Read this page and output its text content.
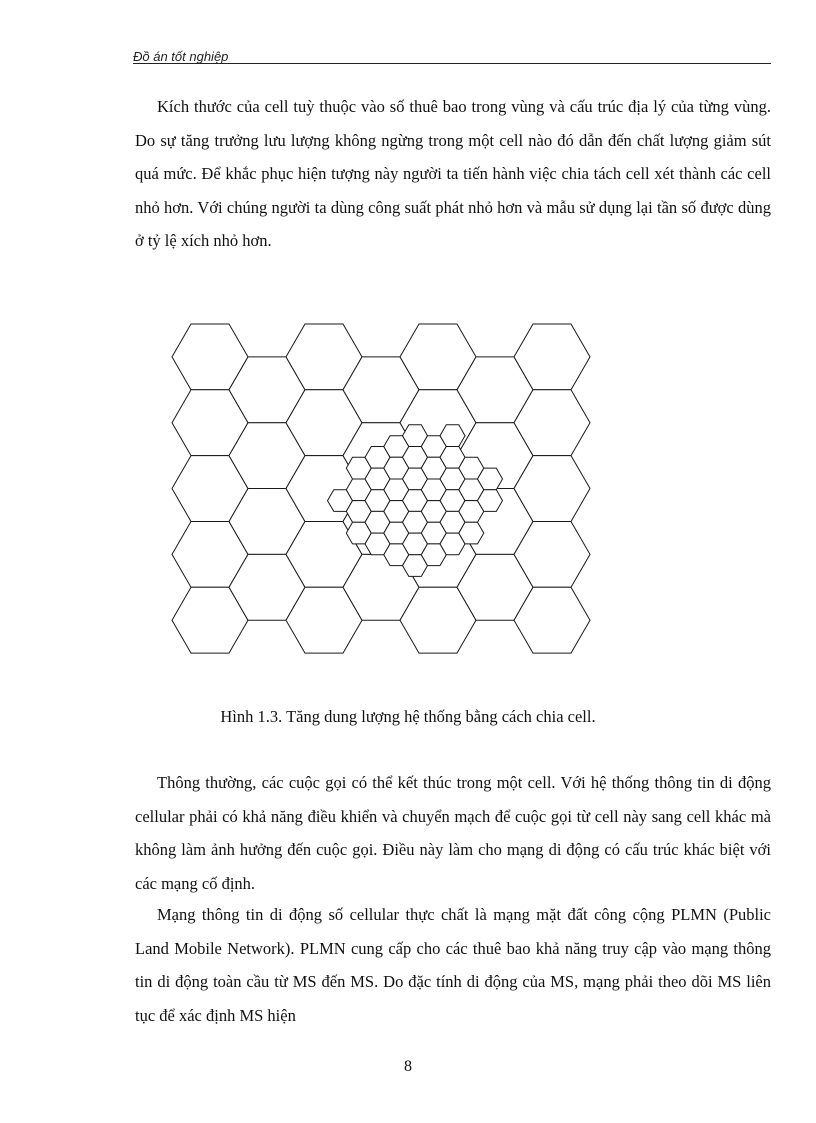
Đồ án tốt nghiệp

Kích thước của cell tuỳ thuộc vào số thuê bao trong vùng và cấu trúc địa lý của từng vùng. Do sự tăng trưởng lưu lượng không ngừng trong một cell nào đó dẫn đến chất lượng giảm sút quá mức. Để khắc phục hiện tượng này người ta tiến hành việc chia tách cell xét thành các cell nhỏ hơn. Với chúng người ta dùng công suất phát nhỏ hơn và mẫu sử dụng lại tần số được dùng ở tỷ lệ xích nhỏ hơn.

Hình 1.3. Tăng dung lượng hệ thống bằng cách chia cell.

Thông thường, các cuộc gọi có thể kết thúc trong một cell. Với hệ thống thông tin di động cellular phải có khả năng điều khiển và chuyển mạch để cuộc gọi từ cell này sang cell khác mà không làm ảnh hưởng đến cuộc gọi. Điều này làm cho mạng di động có cấu trúc khác biệt với các mạng cố định.

Mạng thông tin di động số cellular thực chất là mạng mặt đất công cộng PLMN (Public Land Mobile Network). PLMN cung cấp cho các thuê bao khả năng truy cập vào mạng thông tin di động toàn cầu từ MS đến MS. Do đặc tính di động của MS, mạng phải theo dõi MS liên tục để xác định MS hiện

8
